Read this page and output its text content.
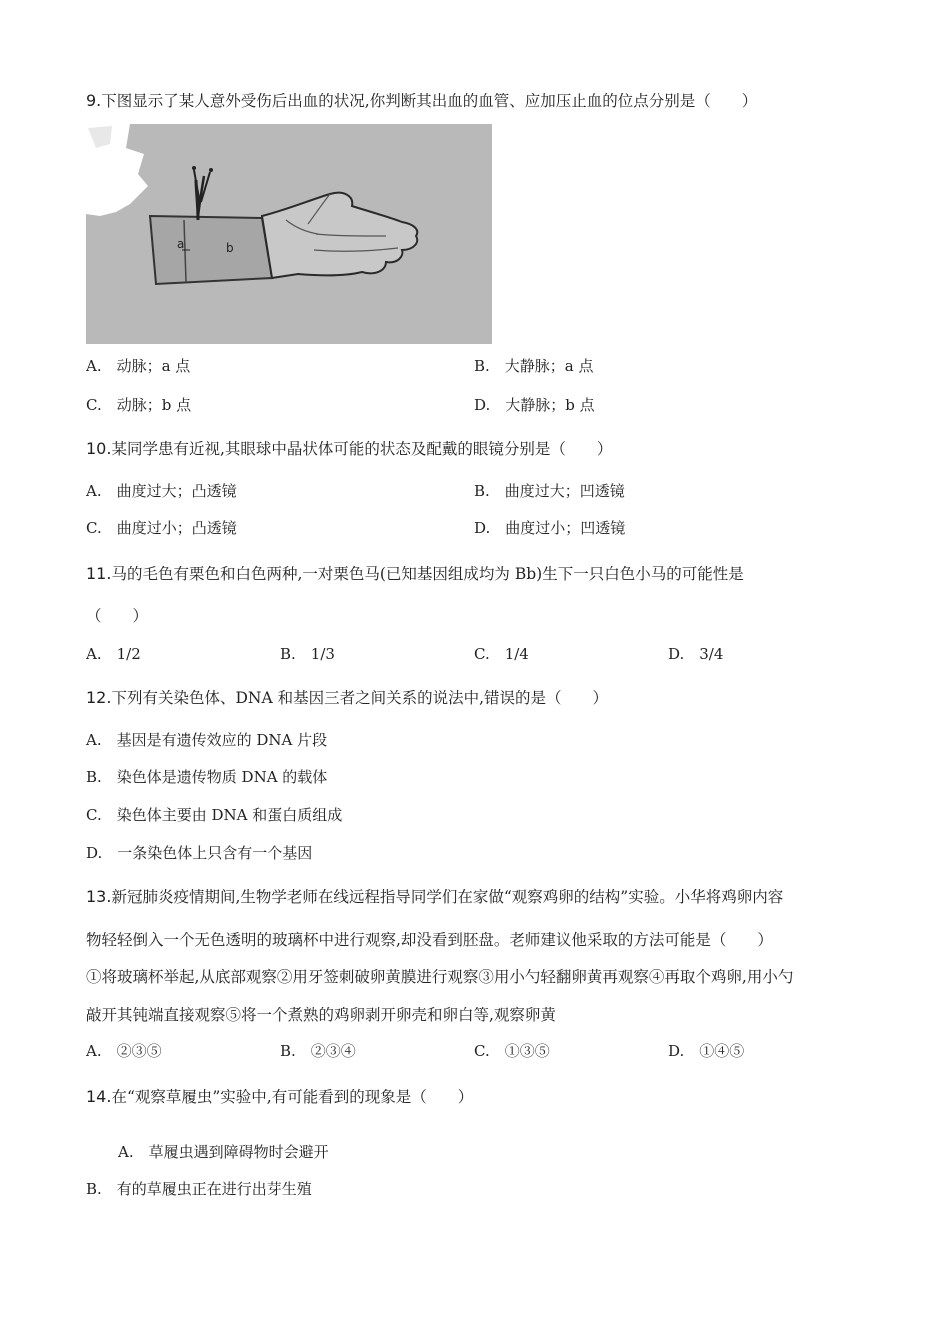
9.下图显示了某人意外受伤后出血的状况,你判断其出血的血管、应加压止血的位点分别是（　　）
a	b
A.　动脉；a 点	B.　大静脉；a 点
C.　动脉；b 点	D.　大静脉；b 点
10.某同学患有近视,其眼球中晶状体可能的状态及配戴的眼镜分别是（　　）
A.　曲度过大；凸透镜	B.　曲度过大；凹透镜
C.　曲度过小；凸透镜	D.　曲度过小；凹透镜
11.马的毛色有栗色和白色两种,一对栗色马(已知基因组成均为 Bb)生下一只白色小马的可能性是
（　　）
A.　1/2	B.　1/3	C.　1/4	D.　3/4
12.下列有关染色体、DNA 和基因三者之间关系的说法中,错误的是（　　）
A.　基因是有遗传效应的 DNA 片段
B.　染色体是遗传物质 DNA 的载体
C.　染色体主要由 DNA 和蛋白质组成
D.　一条染色体上只含有一个基因
13.新冠肺炎疫情期间,生物学老师在线远程指导同学们在家做“观察鸡卵的结构”实验。小华将鸡卵内容
物轻轻倒入一个无色透明的玻璃杯中进行观察,却没看到胚盘。老师建议他采取的方法可能是（　　）
①将玻璃杯举起,从底部观察②用牙签刺破卵黄膜进行观察③用小勺轻翻卵黄再观察④再取个鸡卵,用小勺
敲开其钝端直接观察⑤将一个煮熟的鸡卵剥开卵壳和卵白等,观察卵黄
A.　②③⑤	B.　②③④	C.　①③⑤	D.　①④⑤
14.在“观察草履虫”实验中,有可能看到的现象是（　　）
A.　草履虫遇到障碍物时会避开
B.　有的草履虫正在进行出芽生殖
